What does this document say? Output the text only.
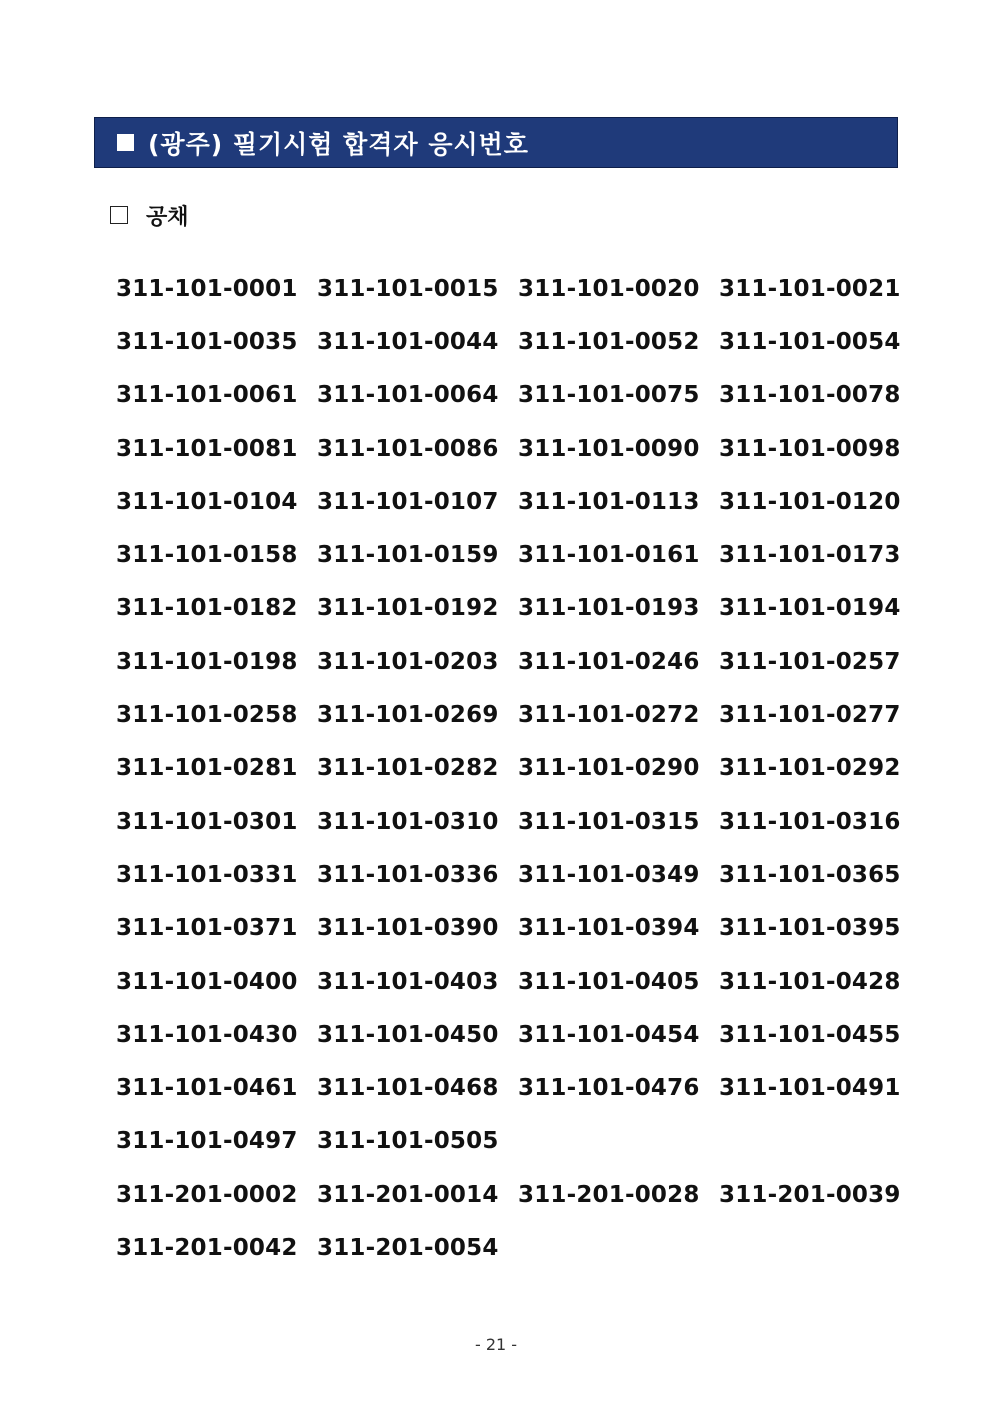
(광주) 필기시험 합격자 응시번호
공채
311-101-0001 311-101-0015 311-101-0020 311-101-0021
311-101-0035 311-101-0044 311-101-0052 311-101-0054
311-101-0061 311-101-0064 311-101-0075 311-101-0078
311-101-0081 311-101-0086 311-101-0090 311-101-0098
311-101-0104 311-101-0107 311-101-0113 311-101-0120
311-101-0158 311-101-0159 311-101-0161 311-101-0173
311-101-0182 311-101-0192 311-101-0193 311-101-0194
311-101-0198 311-101-0203 311-101-0246 311-101-0257
311-101-0258 311-101-0269 311-101-0272 311-101-0277
311-101-0281 311-101-0282 311-101-0290 311-101-0292
311-101-0301 311-101-0310 311-101-0315 311-101-0316
311-101-0331 311-101-0336 311-101-0349 311-101-0365
311-101-0371 311-101-0390 311-101-0394 311-101-0395
311-101-0400 311-101-0403 311-101-0405 311-101-0428
311-101-0430 311-101-0450 311-101-0454 311-101-0455
311-101-0461 311-101-0468 311-101-0476 311-101-0491
311-101-0497 311-101-0505
311-201-0002 311-201-0014 311-201-0028 311-201-0039
311-201-0042 311-201-0054
- 21 -
